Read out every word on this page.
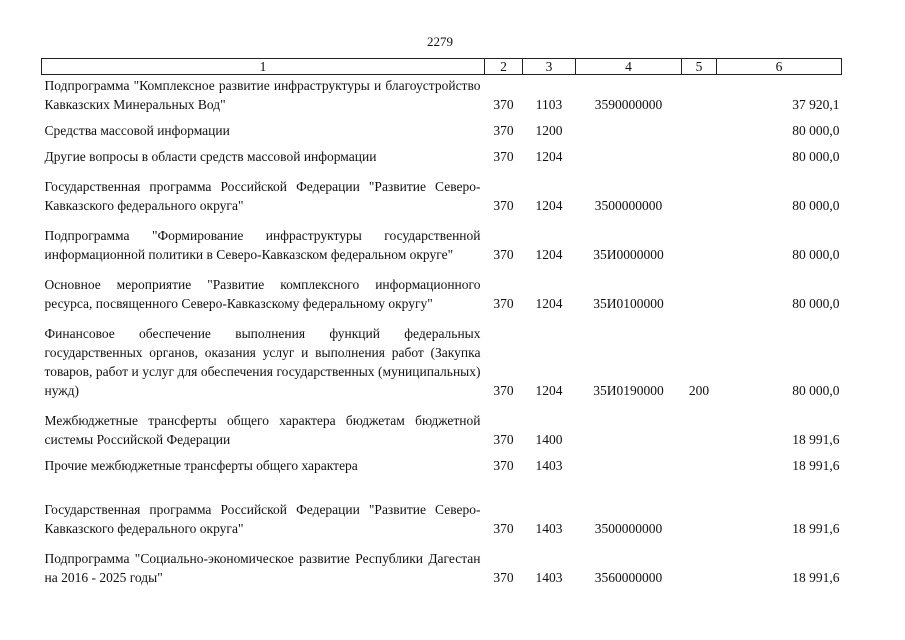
2279
1	2	3	4	5	6
Подпрограмма "Комплексное развитие инфраструктуры и благоустройство Кавказских Минеральных Вод"	370	1103	3590000000		37 920,1
Средства массовой информации	370	1200			80 000,0
Другие вопросы в области средств массовой информации	370	1204			80 000,0
Государственная программа Российской Федерации "Развитие Северо-Кавказского федерального округа"	370	1204	3500000000		80 000,0
Подпрограмма "Формирование инфраструктуры государственной информационной политики в Северо-Кавказском федеральном округе"	370	1204	35И0000000		80 000,0
Основное мероприятие "Развитие комплексного информационного ресурса, посвященного Северо-Кавказскому федеральному округу"	370	1204	35И0100000		80 000,0
Финансовое обеспечение выполнения функций федеральных государственных органов, оказания услуг и выполнения работ (Закупка товаров, работ и услуг для обеспечения государственных (муниципальных) нужд)	370	1204	35И0190000	200	80 000,0
Межбюджетные трансферты общего характера бюджетам бюджетной системы Российской Федерации	370	1400			18 991,6
Прочие межбюджетные трансферты общего характера	370	1403			18 991,6
Государственная программа Российской Федерации "Развитие Северо-Кавказского федерального округа"	370	1403	3500000000		18 991,6
Подпрограмма "Социально-экономическое развитие Республики Дагестан на 2016 - 2025 годы"	370	1403	3560000000		18 991,6
